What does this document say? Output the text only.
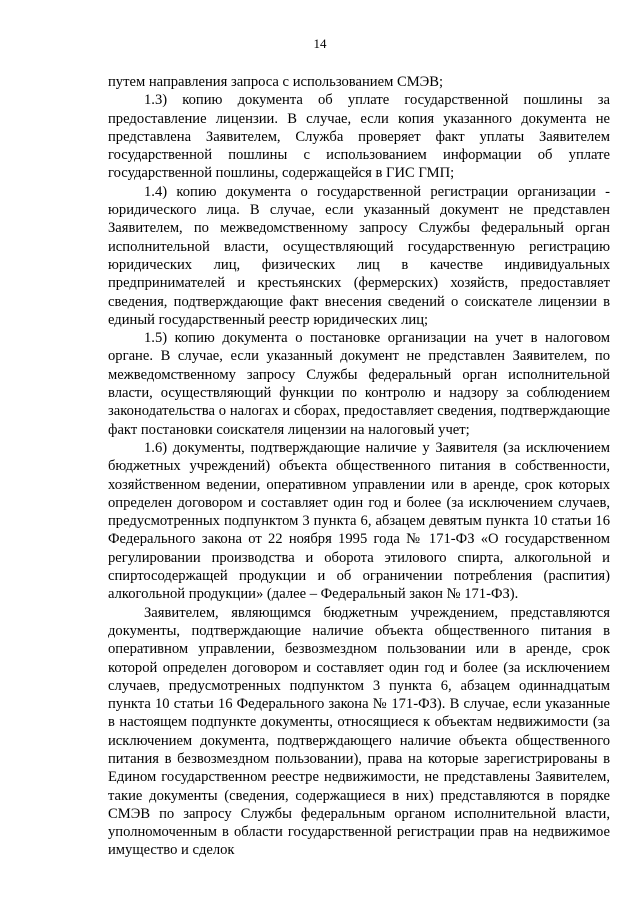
14

путем направления запроса с использованием СМЭВ;

1.3) копию документа об уплате государственной пошлины за предоставление лицензии. В случае, если копия указанного документа не представлена Заявителем, Служба проверяет факт уплаты Заявителем государственной пошлины с использованием информации об уплате государственной пошлины, содержащейся в ГИС ГМП;

1.4) копию документа о государственной регистрации организации - юридического лица. В случае, если указанный документ не представлен Заявителем, по межведомственному запросу Службы федеральный орган исполнительной власти, осуществляющий государственную регистрацию юридических лиц, физических лиц в качестве индивидуальных предпринимателей и крестьянских (фермерских) хозяйств, предоставляет сведения, подтверждающие факт внесения сведений о соискателе лицензии в единый государственный реестр юридических лиц;

1.5) копию документа о постановке организации на учет в налоговом органе. В случае, если указанный документ не представлен Заявителем, по межведомственному запросу Службы федеральный орган исполнительной власти, осуществляющий функции по контролю и надзору за соблюдением законодательства о налогах и сборах, предоставляет сведения, подтверждающие факт постановки соискателя лицензии на налоговый учет;

1.6) документы, подтверждающие наличие у Заявителя (за исключением бюджетных учреждений) объекта общественного питания в собственности, хозяйственном ведении, оперативном управлении или в аренде, срок которых определен договором и составляет один год и более (за исключением случаев, предусмотренных подпунктом 3 пункта 6, абзацем девятым пункта 10 статьи 16 Федерального закона от 22 ноября 1995 года № 171-ФЗ «О государственном регулировании производства и оборота этилового спирта, алкогольной и спиртосодержащей продукции и об ограничении потребления (распития) алкогольной продукции» (далее – Федеральный закон № 171-ФЗ).

Заявителем, являющимся бюджетным учреждением, представляются документы, подтверждающие наличие объекта общественного питания в оперативном управлении, безвозмездном пользовании или в аренде, срок которой определен договором и составляет один год и более (за исключением случаев, предусмотренных подпунктом 3 пункта 6, абзацем одиннадцатым пункта 10 статьи 16 Федерального закона № 171-ФЗ). В случае, если указанные в настоящем подпункте документы, относящиеся к объектам недвижимости (за исключением документа, подтверждающего наличие объекта общественного питания в безвозмездном пользовании), права на которые зарегистрированы в Едином государственном реестре недвижимости, не представлены Заявителем, такие документы (сведения, содержащиеся в них) представляются в порядке СМЭВ по запросу Службы федеральным органом исполнительной власти, уполномоченным в области государственной регистрации прав на недвижимое имущество и сделок
